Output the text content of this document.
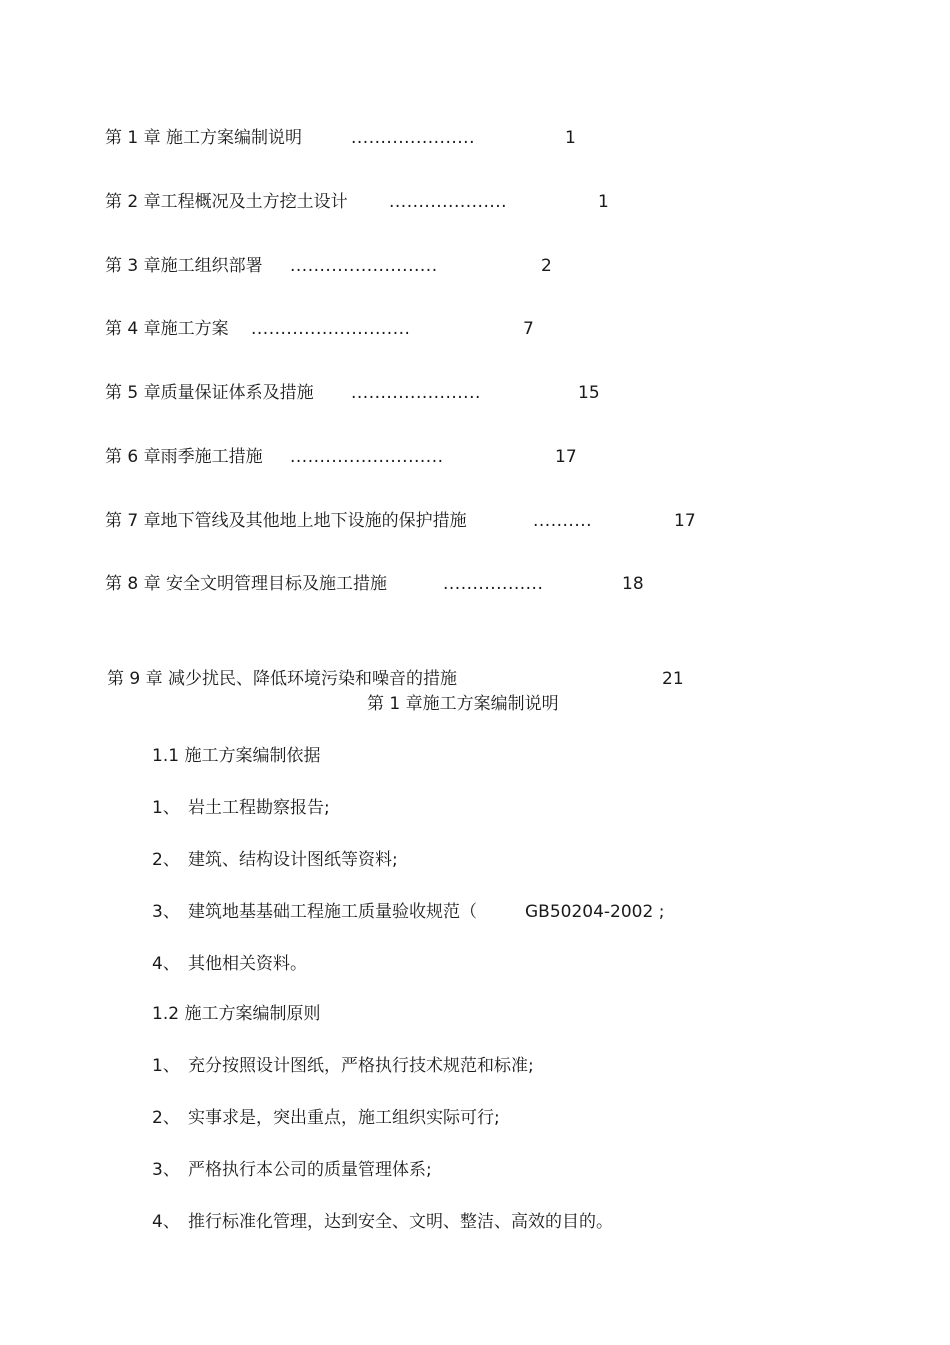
第 1 章 施工方案编制说明	.....................	1
第 2 章工程概况及土方挖土设计 ....................	1
第 3 章施工组织部署 .........................	2
第 4 章施工方案 ...........................	7
第 5 章质量保证体系及措施 ......................	15
第 6 章雨季施工措施 ..........................	17
第 7 章地下管线及其他地上地下设施的保护措施	..........	17
第 8 章 安全文明管理目标及施工措施	.................	18
第 9 章 减少扰民、降低环境污染和噪音的措施	21
第 1 章施工方案编制说明
1.1 施工方案编制依据
1、 岩土工程勘察报告;
2、 建筑、结构设计图纸等资料;
3、 建筑地基基础工程施工质量验收规范（	GB50204-2002 ;
4、 其他相关资料。
1.2 施工方案编制原则
1、 充分按照设计图纸，严格执行技术规范和标准;
2、 实事求是，突出重点，施工组织实际可行;
3、 严格执行本公司的质量管理体系;
4、 推行标准化管理，达到安全、文明、整洁、高效的目的。
